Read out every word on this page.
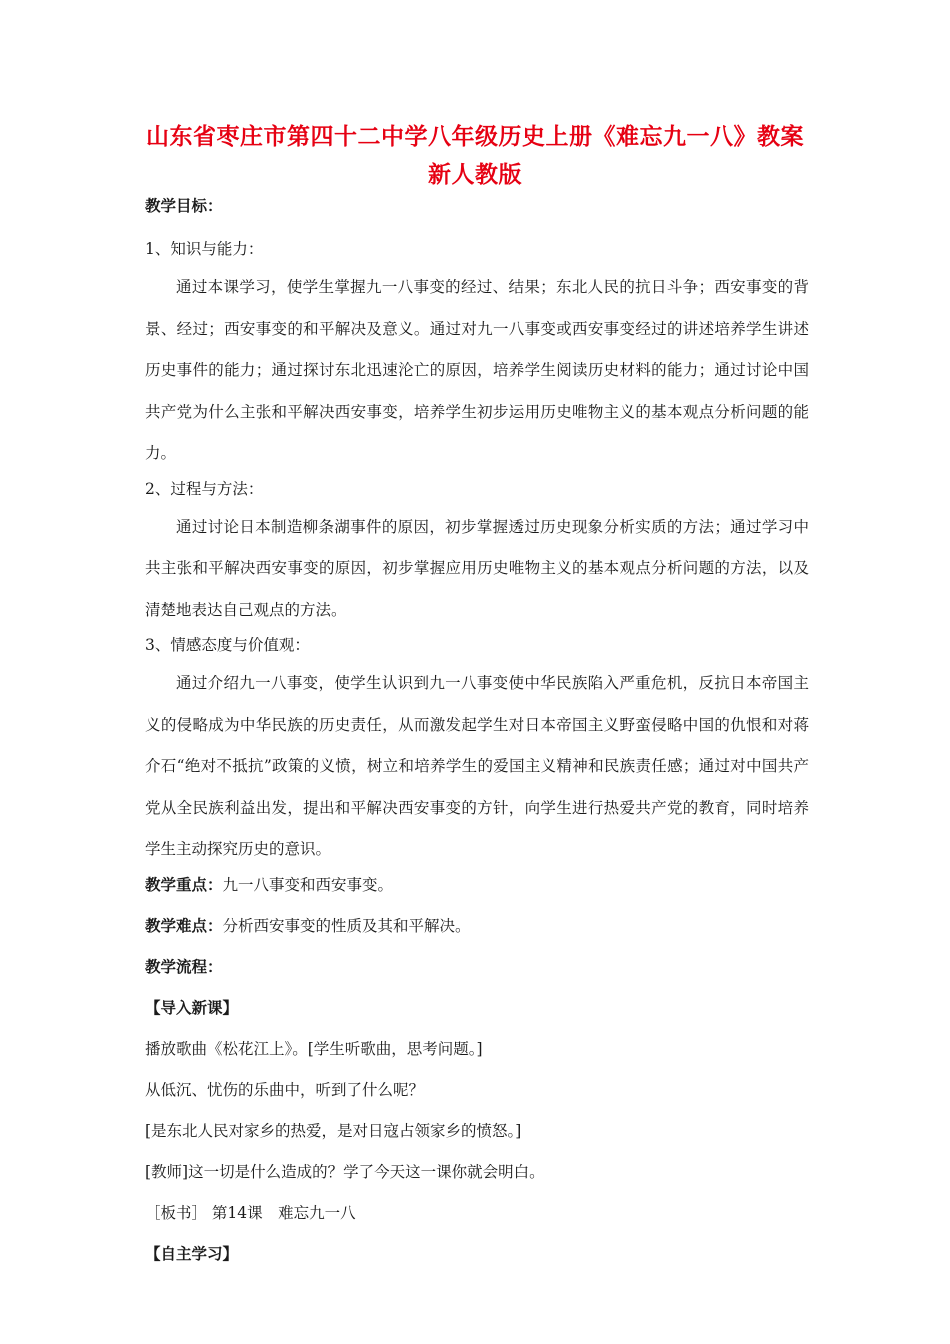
山东省枣庄市第四十二中学八年级历史上册《难忘九一八》教案新人教版
教学目标：
1、知识与能力：

通过本课学习，使学生掌握九一八事变的经过、结果；东北人民的抗日斗争；西安事变的背景、经过；西安事变的和平解决及意义。通过对九一八事变或西安事变经过的讲述培养学生讲述历史事件的能力；通过探讨东北迅速沦亡的原因，培养学生阅读历史材料的能力；通过讨论中国共产党为什么主张和平解决西安事变，培养学生初步运用历史唯物主义的基本观点分析问题的能力。

2、过程与方法：

通过讨论日本制造柳条湖事件的原因，初步掌握透过历史现象分析实质的方法；通过学习中共主张和平解决西安事变的原因，初步掌握应用历史唯物主义的基本观点分析问题的方法，以及清楚地表达自己观点的方法。

3、情感态度与价值观：

通过介绍九一八事变，使学生认识到九一八事变使中华民族陷入严重危机，反抗日本帝国主义的侵略成为中华民族的历史责任，从而激发起学生对日本帝国主义野蛮侵略中国的仇恨和对蒋介石“绝对不抵抗”政策的义愤，树立和培养学生的爱国主义精神和民族责任感；通过对中国共产党从全民族利益出发，提出和平解决西安事变的方针，向学生进行热爱共产党的教育，同时培养学生主动探究历史的意识。

教学重点：九一八事变和西安事变。
教学难点：分析西安事变的性质及其和平解决。
教学流程：
【导入新课】
播放歌曲《松花江上》。[学生听歌曲，思考问题。]
从低沉、忧伤的乐曲中，听到了什么呢？
[是东北人民对家乡的热爱，是对日寇占领家乡的愤怒。]
[教师]这一切是什么造成的？学了今天这一课你就会明白。
［板书］ 第14课　难忘九一八
【自主学习】
